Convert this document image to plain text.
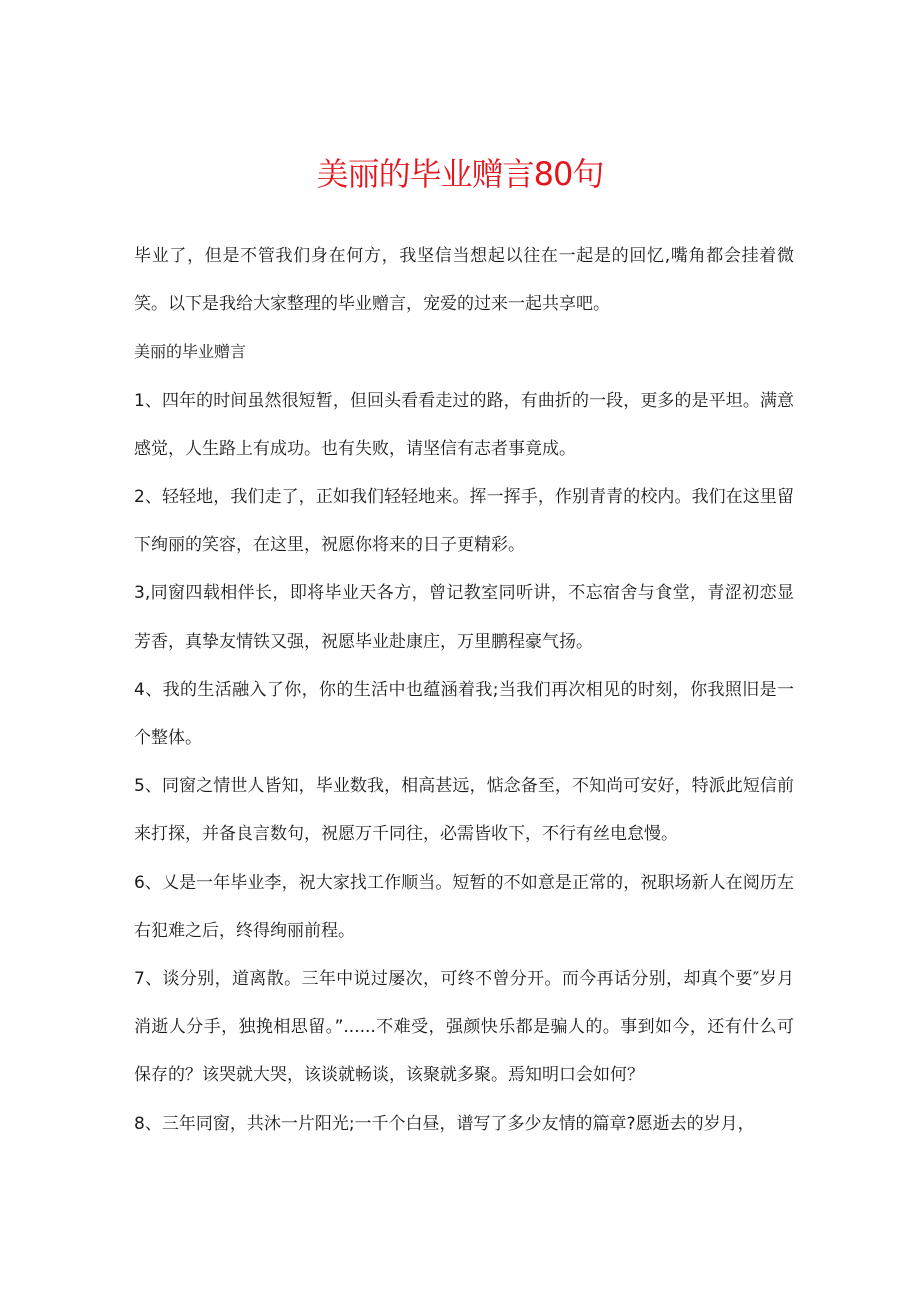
美丽的毕业赠言80句

毕业了，但是不管我们身在何方，我坚信当想起以往在一起是的回忆,嘴角都会挂着微笑。以下是我给大家整理的毕业赠言，宠爱的过来一起共享吧。

美丽的毕业赠言

1、四年的时间虽然很短暂，但回头看看走过的路，有曲折的一段，更多的是平坦。满意感觉，人生路上有成功。也有失败，请坚信有志者事竟成。

2、轻轻地，我们走了，正如我们轻轻地来。挥一挥手，作别青青的校内。我们在这里留下绚丽的笑容，在这里，祝愿你将来的日子更精彩。

3,同窗四载相伴长，即将毕业天各方，曾记教室同听讲，不忘宿舍与食堂，青涩初恋显芳香，真挚友情铁又强，祝愿毕业赴康庄，万里鹏程豪气扬。

4、我的生活融入了你，你的生活中也蕴涵着我;当我们再次相见的时刻，你我照旧是一个整体。

5、同窗之情世人皆知，毕业数我，相高甚远，惦念备至，不知尚可安好，特派此短信前来打探，并备良言数句，祝愿万千同往，必需皆收下，不行有丝电怠慢。

6、乂是一年毕业李，祝大家找工作顺当。短暂的不如意是正常的，祝职场新人在阅历左右犯难之后，终得绚丽前程。

7、谈分别，道离散。三年中说过屡次，可终不曾分开。而今再话分别，却真个要″岁月消逝人分手，独挽相思留。”......不难受，强颜快乐都是骗人的。事到如今，还有什么可保存的？该哭就大哭，该谈就畅谈，该聚就多聚。焉知明口会如何？

8、三年同窗，共沐一片阳光;一千个白昼，谱写了多少友情的篇章?愿逝去的岁月，
